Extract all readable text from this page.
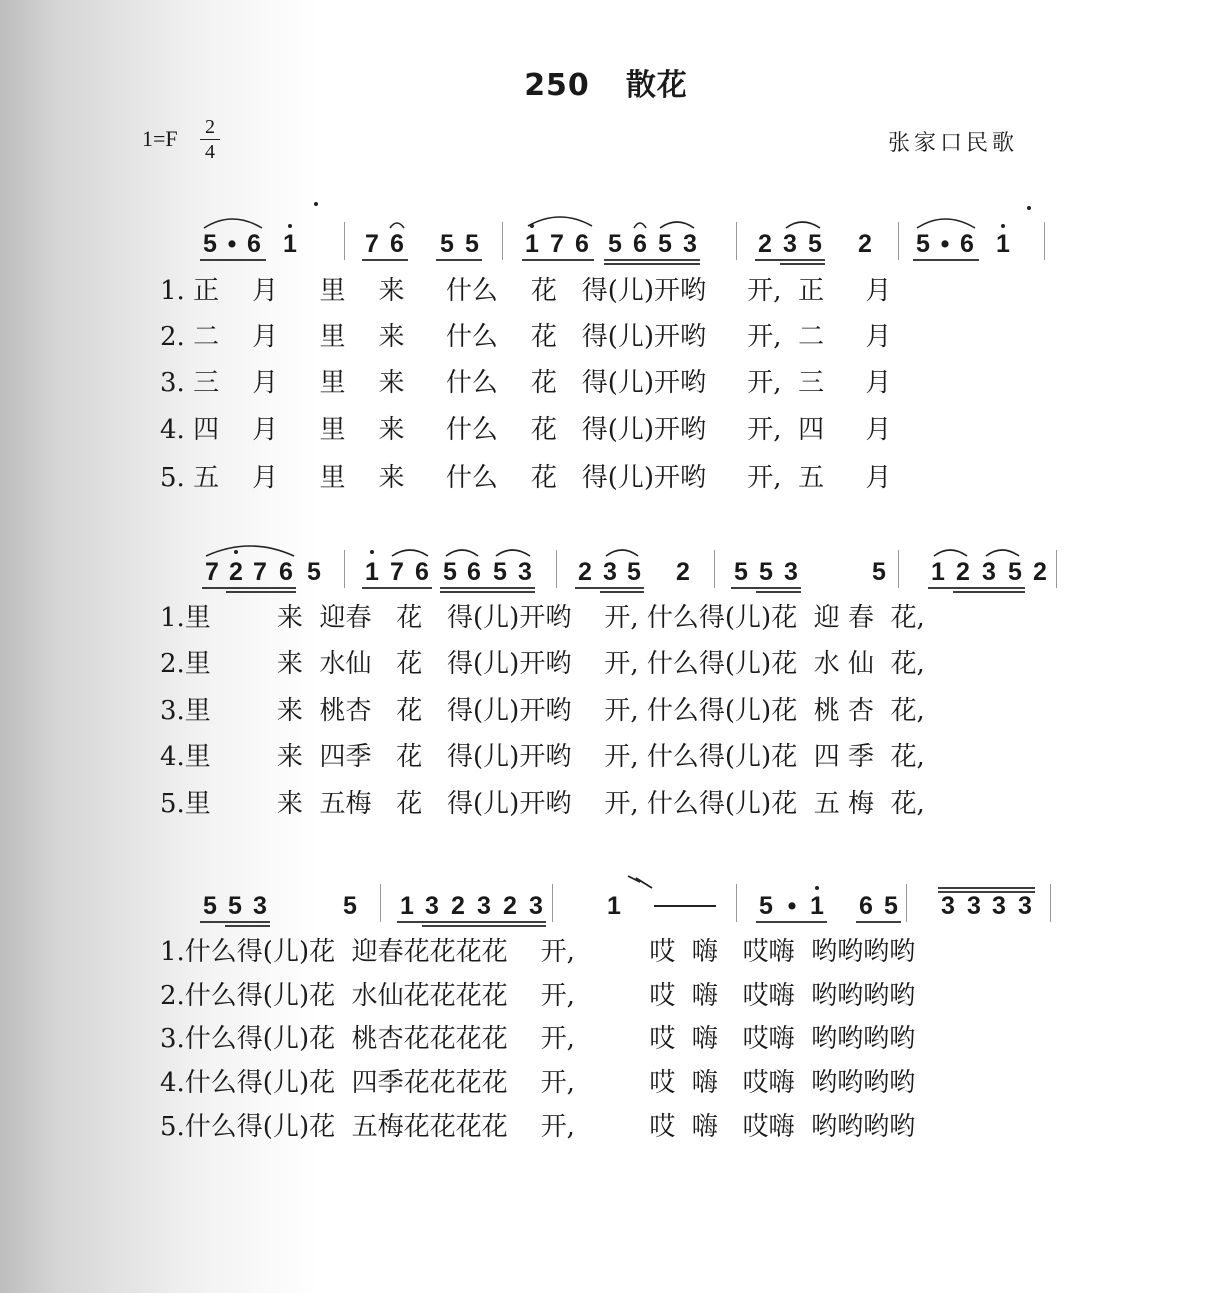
250 散花
1=F	2
4	张家口民歌
5 • 6 1	7 6 5 5 1 7 6 5 6 5 3 2 3 5 2 5 • 6 1
1. 正    月     里    来     什么    花   得(儿)开哟     开,  正     月
2. 二    月     里    来     什么    花   得(儿)开哟     开,  二     月
3. 三    月     里    来     什么    花   得(儿)开哟     开,  三     月
4. 四    月     里    来     什么    花   得(儿)开哟     开,  四     月
5. 五    月     里    来     什么    花   得(儿)开哟     开,  五     月
7 2 7 6 5 1 7 6 5 6 5 3 2 3 5 2 5 5 3	5 1 2 3 5 2
1.里        来  迎春   花   得(儿)开哟    开, 什么得(儿)花  迎 春  花,
2.里        来  水仙   花   得(儿)开哟    开, 什么得(儿)花  水 仙  花,
3.里        来  桃杏   花   得(儿)开哟    开, 什么得(儿)花  桃 杏  花,
4.里        来  四季   花   得(儿)开哟    开, 什么得(儿)花  四 季  花,
5.里        来  五梅   花   得(儿)开哟    开, 什么得(儿)花  五 梅  花,
5 5 3	5 1 3 2 3 2 3	1	5 • 1 6 5 3 3 3 3
1.什么得(儿)花  迎春花花花花    开,         哎  嗨   哎嗨  哟哟哟哟
2.什么得(儿)花  水仙花花花花    开,         哎  嗨   哎嗨  哟哟哟哟
3.什么得(儿)花  桃杏花花花花    开,         哎  嗨   哎嗨  哟哟哟哟
4.什么得(儿)花  四季花花花花    开,         哎  嗨   哎嗨  哟哟哟哟
5.什么得(儿)花  五梅花花花花    开,         哎  嗨   哎嗨  哟哟哟哟
